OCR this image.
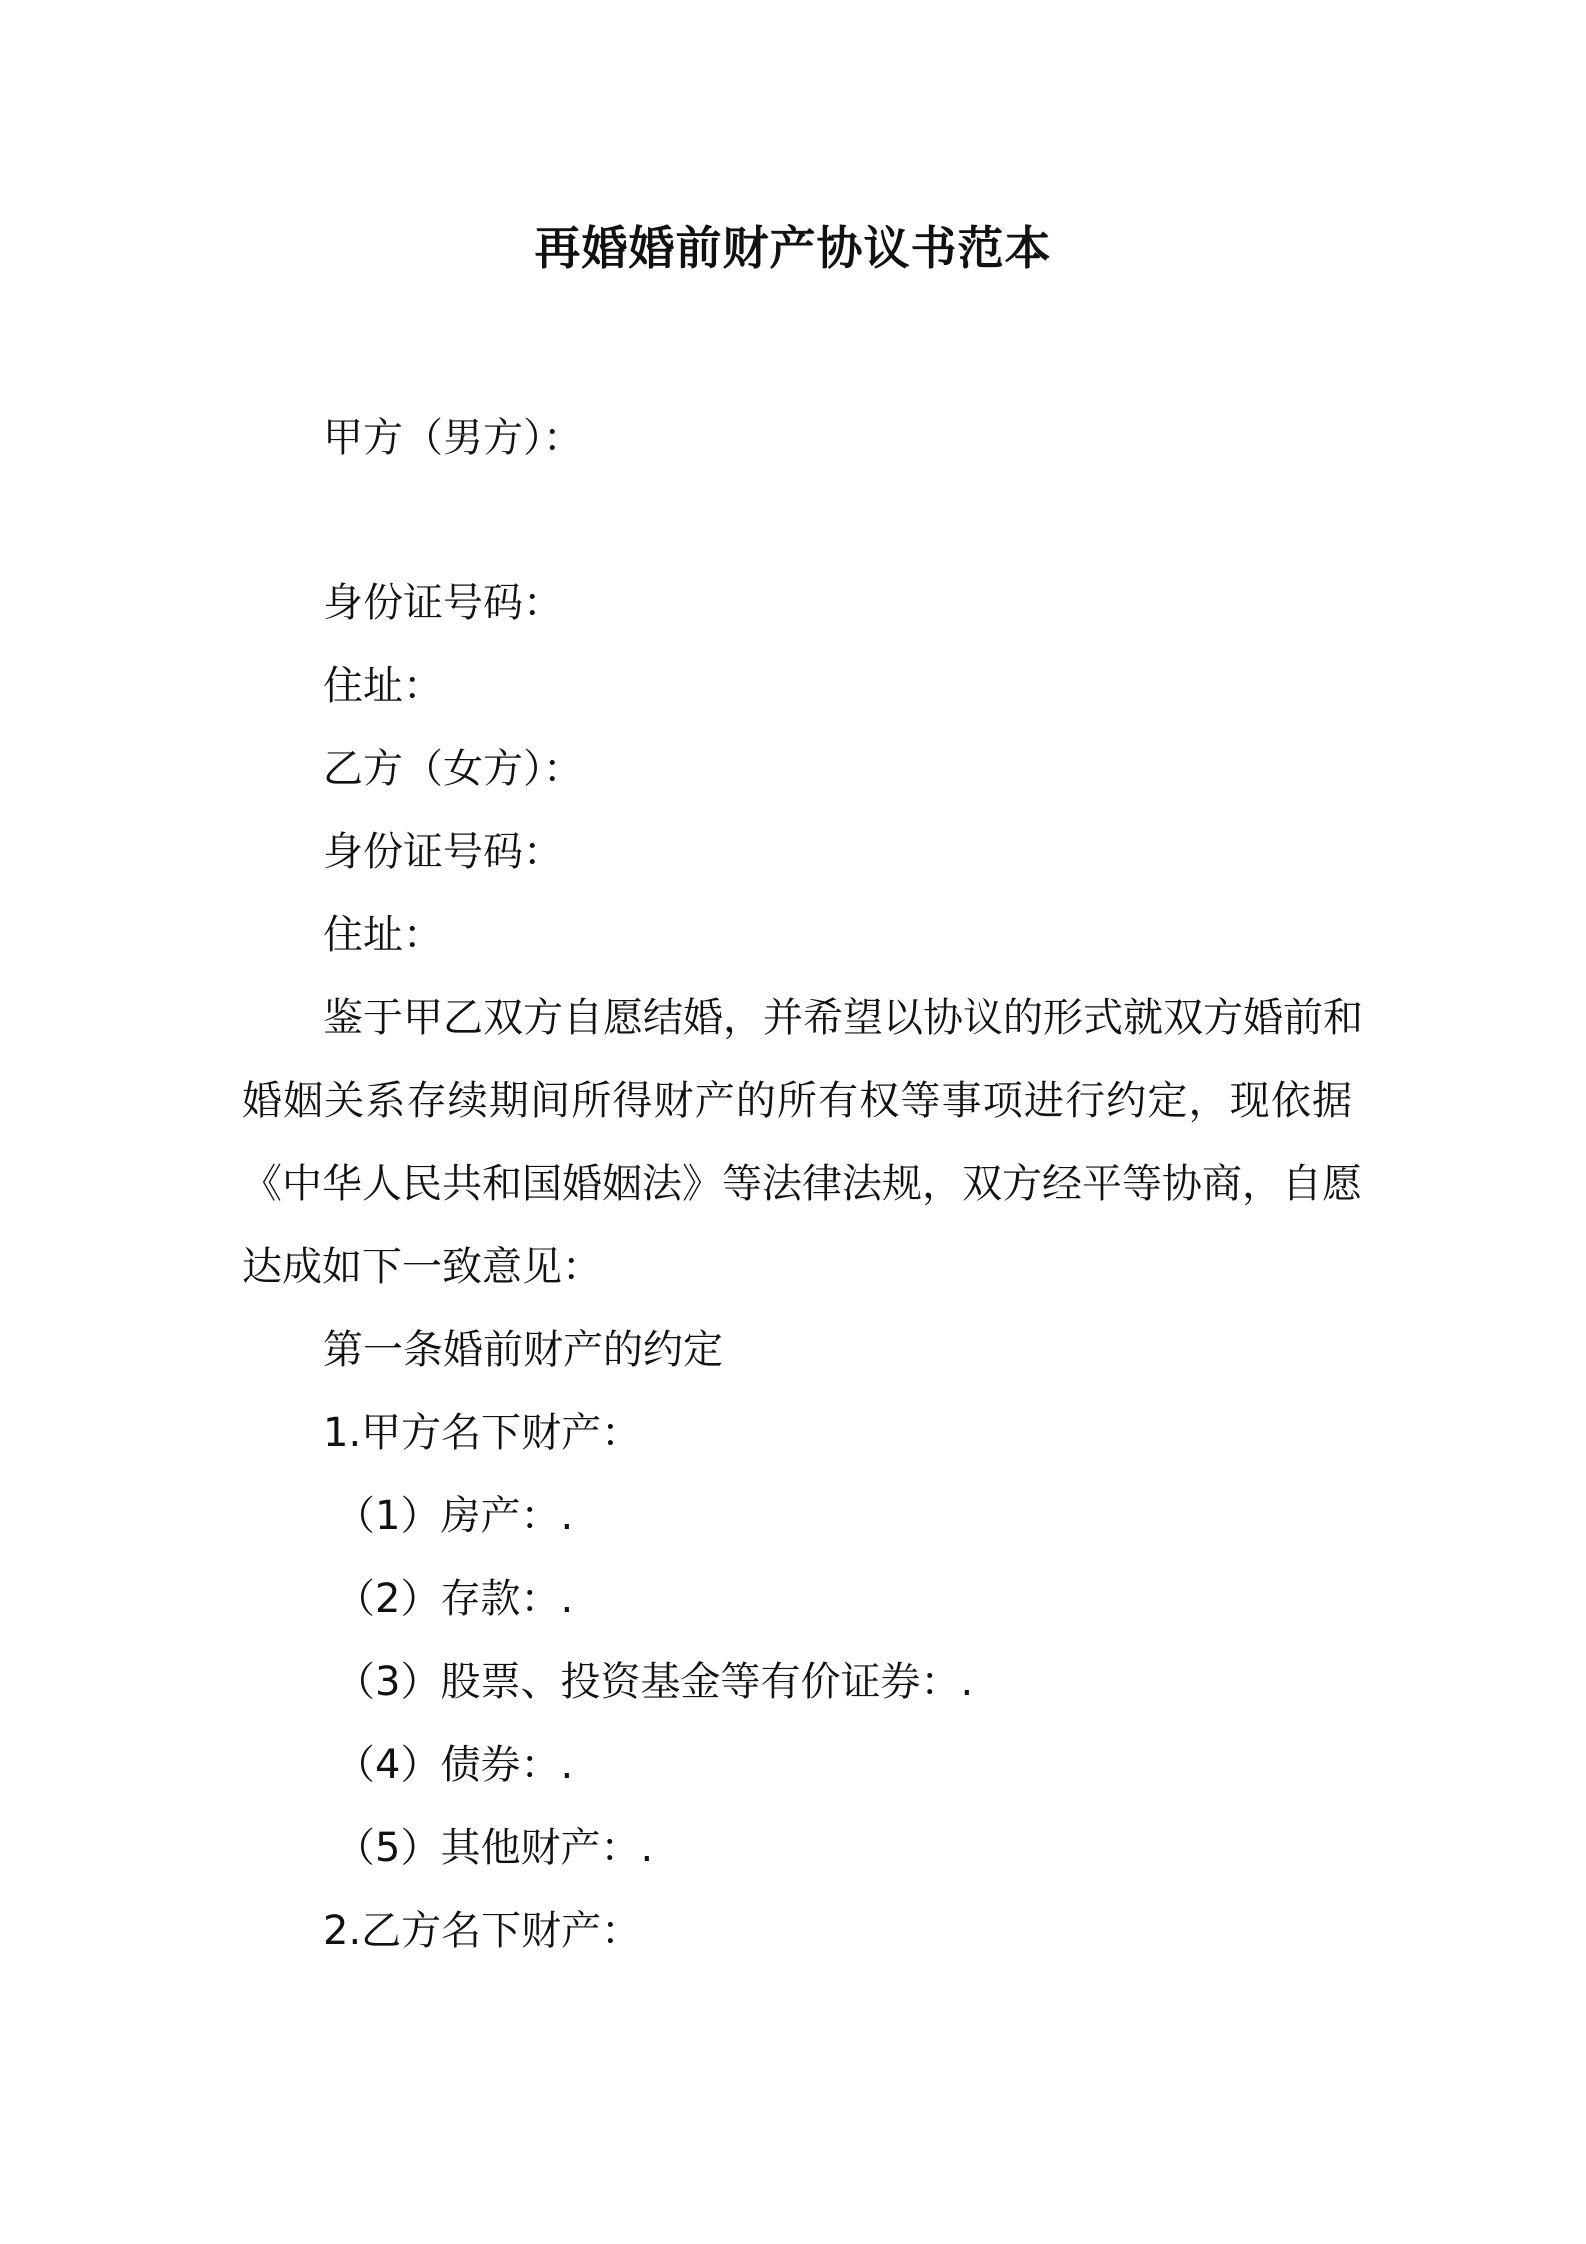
再婚婚前财产协议书范本
甲方（男方）：
身份证号码：
住址：
乙方（女方）：
身份证号码：
住址：
鉴于甲乙双方自愿结婚，并希望以协议的形式就双方婚前和
婚姻关系存续期间所得财产的所有权等事项进行约定，现依据
《中华人民共和国婚姻法》等法律法规，双方经平等协商，自愿
达成如下一致意见：
第一条婚前财产的约定
1.甲方名下财产：
（1）房产：.
（2）存款：.
（3）股票、投资基金等有价证券：.
（4）债券：.
（5）其他财产：.
2.乙方名下财产：
